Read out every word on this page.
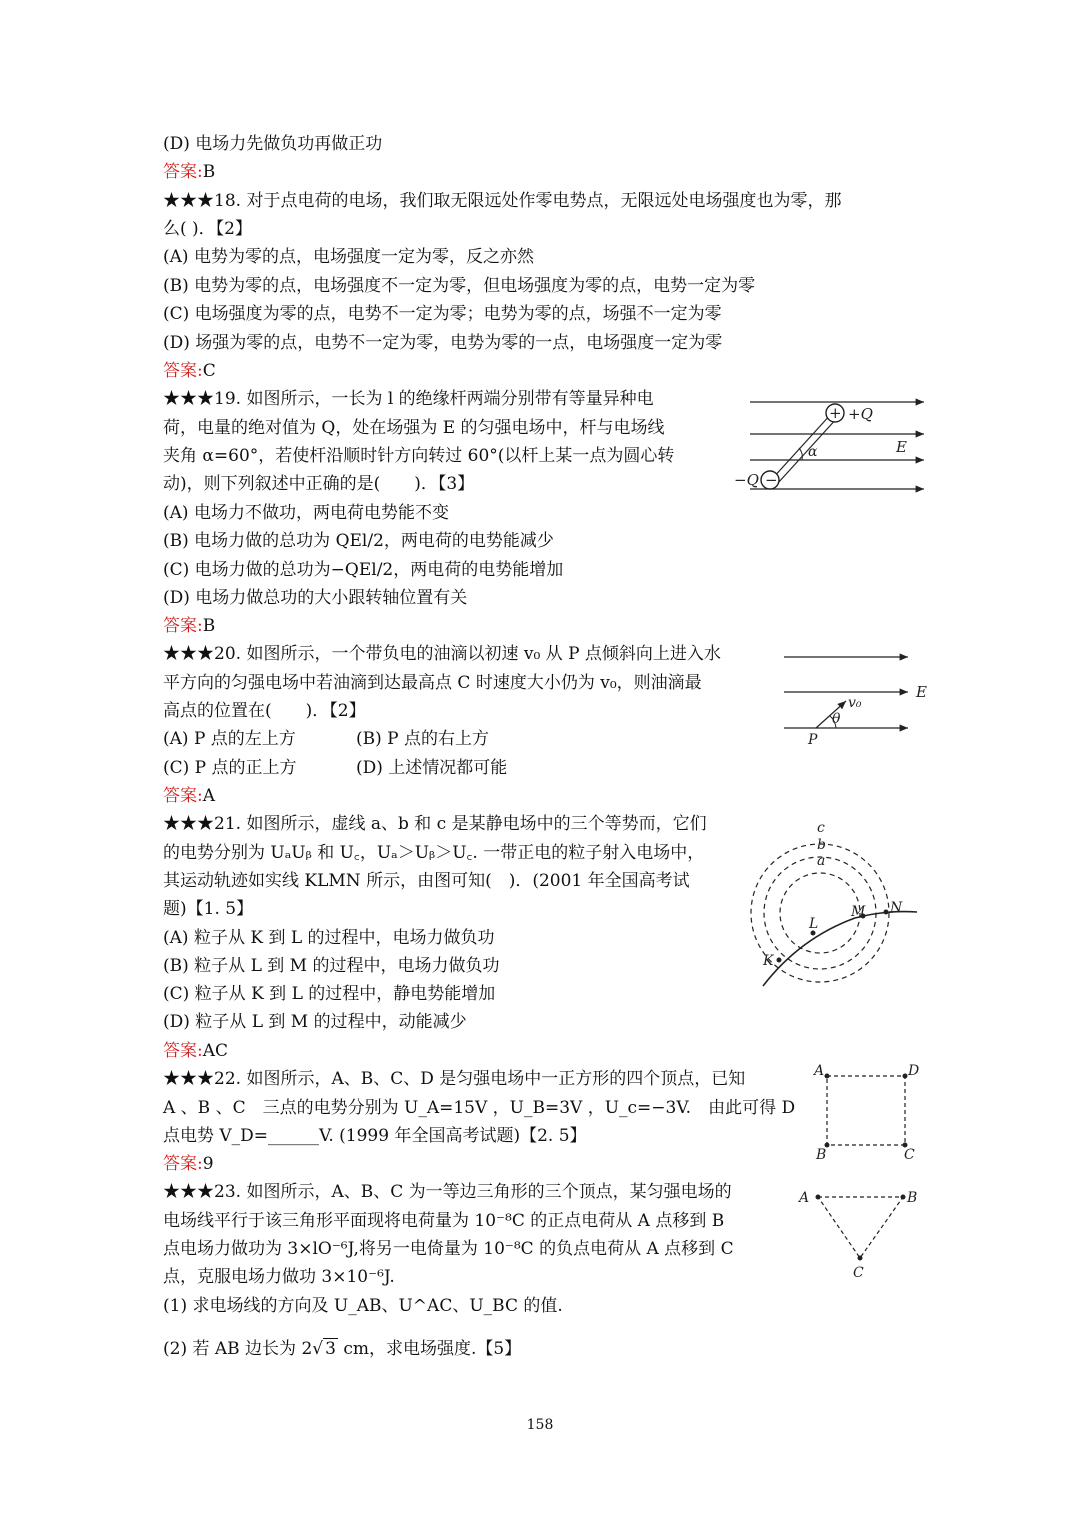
(D) 电场力先做负功再做正功
答案:B
★★★18. 对于点电荷的电场，我们取无限远处作零电势点，无限远处电场强度也为零，那
么( )．【2】
(A) 电势为零的点，电场强度一定为零，反之亦然
(B) 电势为零的点，电场强度不一定为零，但电场强度为零的点，电势一定为零
(C) 电场强度为零的点，电势不一定为零；电势为零的点，场强不一定为零
(D) 场强为零的点，电势不一定为零，电势为零的一点，电场强度一定为零
答案:C
★★★19. 如图所示，一长为 l 的绝缘杆两端分别带有等量异种电
荷，电量的绝对值为 Q，处在场强为 E 的匀强电场中，杆与电场线
夹角 α=60°，若使杆沿顺时针方向转过 60°(以杆上某一点为圆心转
动)，则下列叙述中正确的是(　　)．【3】
(A) 电场力不做功，两电荷电势能不变
(B) 电场力做的总功为 QEl/2，两电荷的电势能减少
(C) 电场力做的总功为−QEl/2，两电荷的电势能增加
(D) 电场力做总功的大小跟转轴位置有关
答案:B
+ +Q
−
−Q
α	E
★★★20. 如图所示，一个带负电的油滴以初速 v₀ 从 P 点倾斜向上进入水
平方向的匀强电场中若油滴到达最高点 C 时速度大小仍为 v₀，则油滴最
高点的位置在(　　)．【2】
(A) P 点的左上方	(B) P 点的右上方
(C) P 点的正上方	(D) 上述情况都可能
答案:A
θ
v₀
P
E
★★★21. 如图所示，虚线 a、b 和 c 是某静电场中的三个等势而，它们
的电势分别为 UₐUᵦ 和 U꜀，Uₐ＞Uᵦ＞U꜀. 一带正电的粒子射入电场中，
其运动轨迹如实线 KLMN 所示，由图可知(　)．(2001 年全国高考试
题)【1. 5】
(A) 粒子从 K 到 L 的过程中，电场力做负功
(B) 粒子从 L 到 M 的过程中，电场力做负功
(C) 粒子从 K 到 L 的过程中，静电势能增加
(D) 粒子从 L 到 M 的过程中，动能减少
答案:AC
c
b
a
K
L
M N
★★★22. 如图所示，A、B、C、D 是匀强电场中一正方形的四个顶点，已知
A 、B 、C　三点的电势分别为 U_A=15V ，U_B=3V ，U_c=−3V.　由此可得 D
点电势 V_D=______V. (1999 年全国高考试题)【2. 5】
答案:9
A	D
B	C
★★★23. 如图所示，A、B、C 为一等边三角形的三个顶点，某匀强电场的
电场线平行于该三角形平面现将电荷量为 10⁻⁸C 的正点电荷从 A 点移到 B
点电场力做功为 3×lO⁻⁶J,将另一电倚量为 10⁻⁸C 的负点电荷从 A 点移到 C
点，克服电场力做功 3×10⁻⁶J.
(1) 求电场线的方向及 U_AB、U^AC、U_BC 的值.
(2) 若 AB 边长为 2√ 3 cm，求电场强度.【5】
A	B
C
158
